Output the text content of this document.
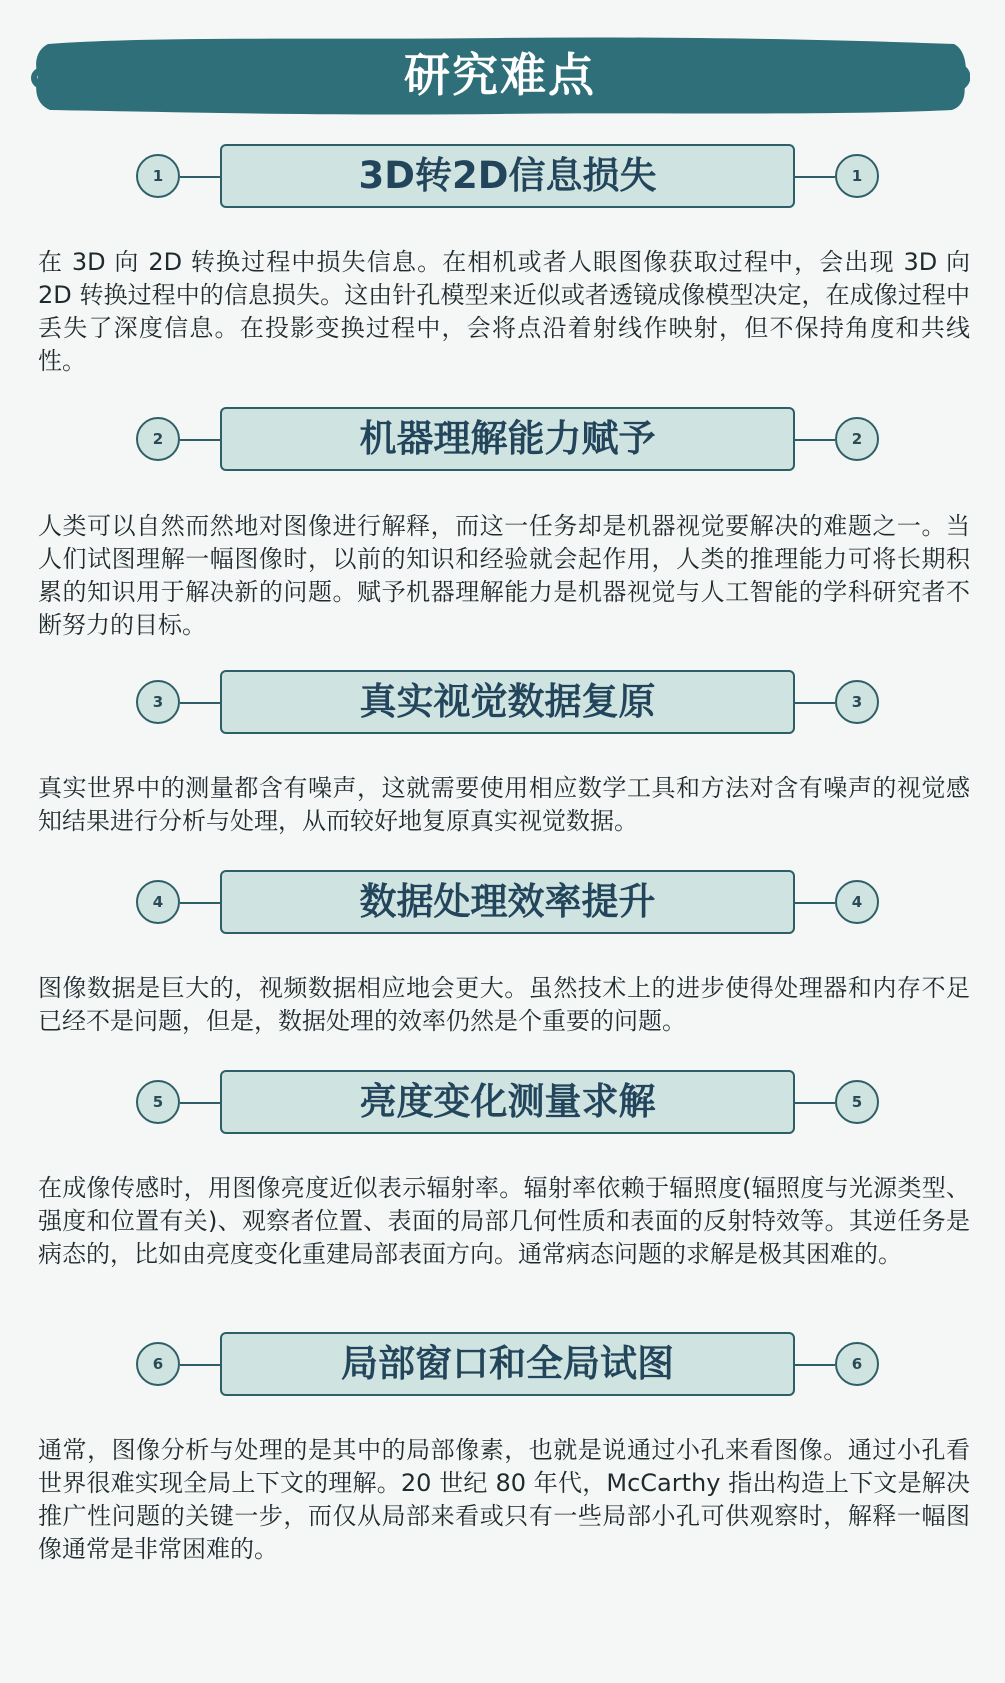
研究难点
1	3D转2D信息损失	1

在 3D 向 2D 转换过程中损失信息。在相机或者人眼图像获取过程中，会出现 3D 向 2D 转换过程中的信息损失。这由针孔模型来近似或者透镜成像模型决定，在成像过程中丢失了深度信息。在投影变换过程中，会将点沿着射线作映射，但不保持角度和共线性。

2	机器理解能力赋予	2

人类可以自然而然地对图像进行解释，而这一任务却是机器视觉要解决的难题之一。当人们试图理解一幅图像时，以前的知识和经验就会起作用，人类的推理能力可将长期积累的知识用于解决新的问题。赋予机器理解能力是机器视觉与人工智能的学科研究者不断努力的目标。

3	真实视觉数据复原	3

真实世界中的测量都含有噪声，这就需要使用相应数学工具和方法对含有噪声的视觉感知结果进行分析与处理，从而较好地复原真实视觉数据。

4	数据处理效率提升	4

图像数据是巨大的，视频数据相应地会更大。虽然技术上的进步使得处理器和内存不足已经不是问题，但是，数据处理的效率仍然是个重要的问题。

5	亮度变化测量求解	5

在成像传感时，用图像亮度近似表示辐射率。辐射率依赖于辐照度(辐照度与光源类型、强度和位置有关)、观察者位置、表面的局部几何性质和表面的反射特效等。其逆任务是病态的，比如由亮度变化重建局部表面方向。通常病态问题的求解是极其困难的。

6	局部窗口和全局试图	6

通常，图像分析与处理的是其中的局部像素，也就是说通过小孔来看图像。通过小孔看世界很难实现全局上下文的理解。20 世纪 80 年代，McCarthy 指出构造上下文是解决推广性问题的关键一步，而仅从局部来看或只有一些局部小孔可供观察时，解释一幅图像通常是非常困难的。
